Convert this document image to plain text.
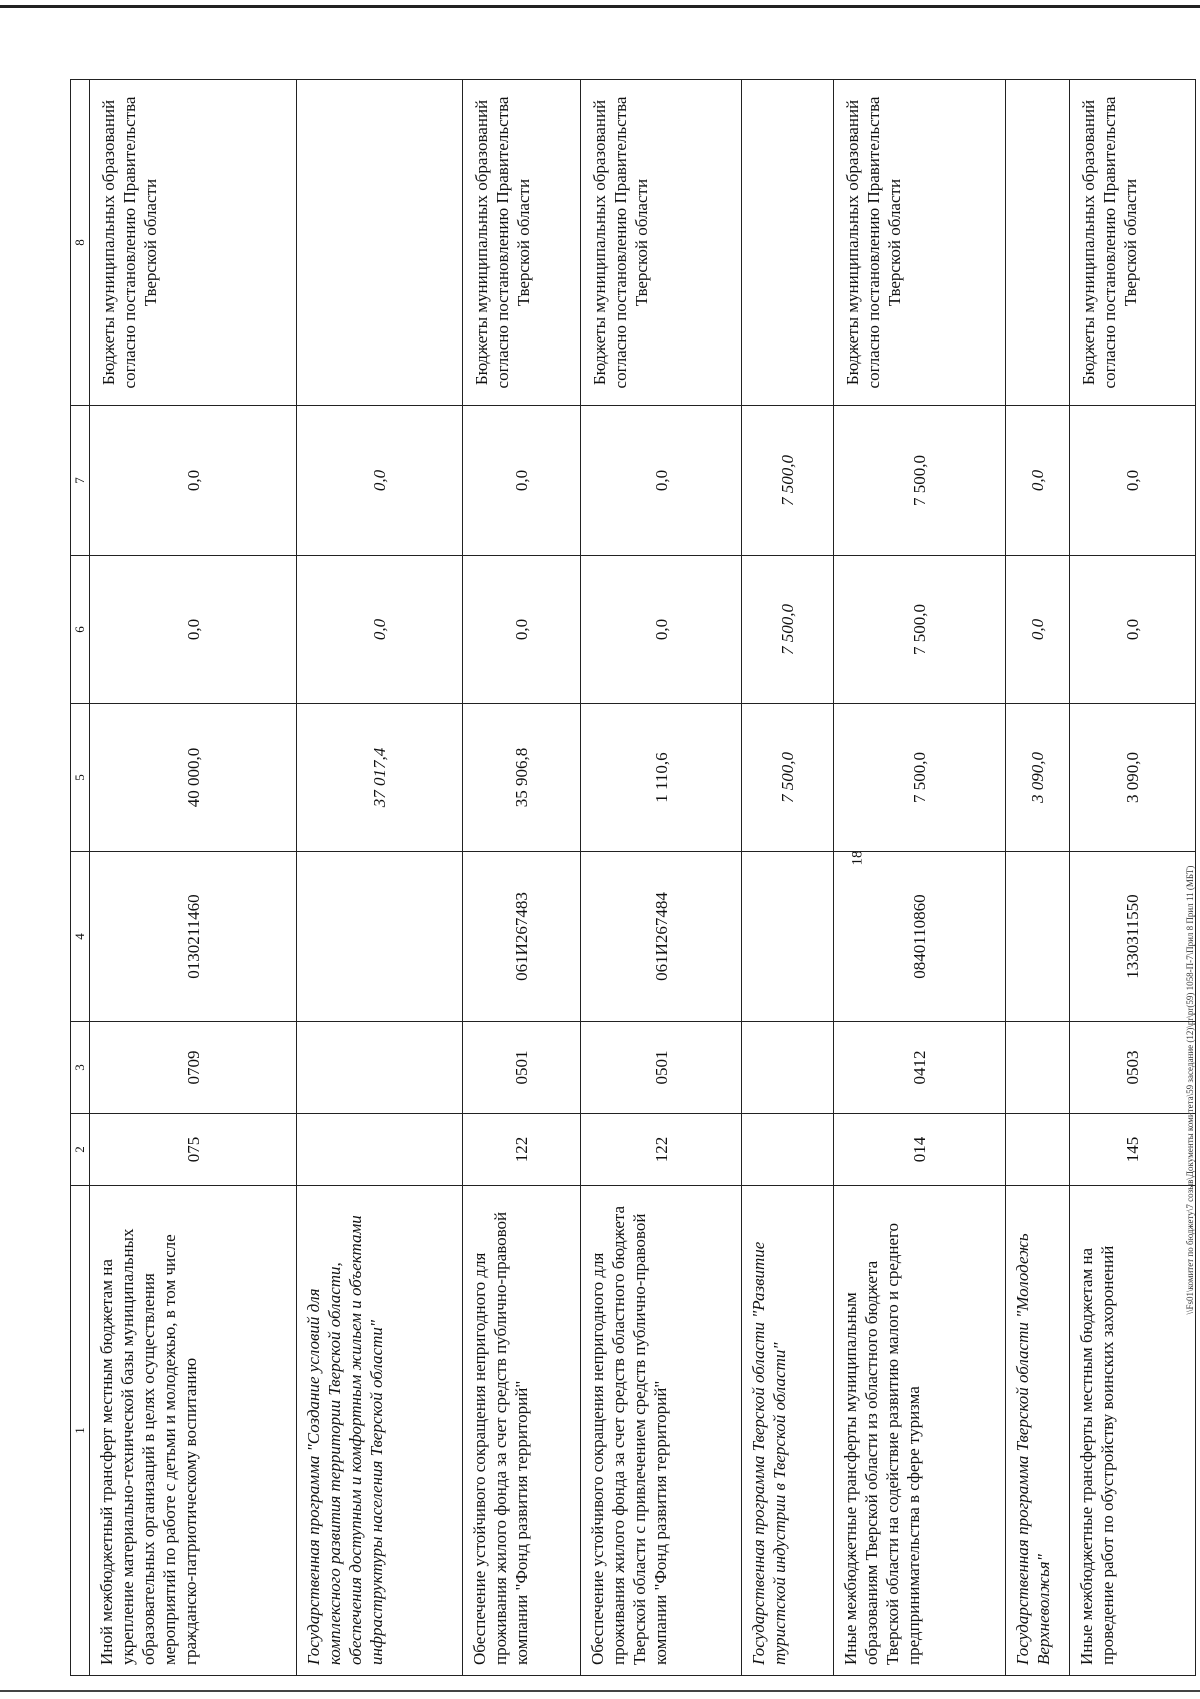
18
1	2	3	4	5	6	7	8
Иной межбюджетный трансферт местным бюджетам на укрепление материально-технической базы муниципальных образовательных организаций в целях осуществления мероприятий по работе с детьми и молодежью, в том числе гражданско-патриотическому воспитанию	075	0709	0130211460	40 000,0	0,0	0,0	Бюджеты муниципальных образований согласно постановлению Правительства Тверской области
Государственная программа "Создание условий для комплексного развития территории Тверской области, обеспечения доступным и комфортным жильем и объектами инфраструктуры населения Тверской области"				37 017,4	0,0	0,0	
Обеспечение устойчивого сокращения непригодного для проживания жилого фонда за счет средств публично-правовой компании "Фонд развития территорий"	122	0501	061И267483	35 906,8	0,0	0,0	Бюджеты муниципальных образований согласно постановлению Правительства Тверской области
Обеспечение устойчивого сокращения непригодного для проживания жилого фонда за счет средств областного бюджета Тверской области с привлечением средств публично-правовой компании "Фонд развития территорий"	122	0501	061И267484	1 110,6	0,0	0,0	Бюджеты муниципальных образований согласно постановлению Правительства Тверской области
Государственная программа Тверской области "Развитие туристской индустрии в Тверской области"				7 500,0	7 500,0	7 500,0	
Иные межбюджетные трансферты муниципальным образованиям Тверской области из областного бюджета Тверской области на содействие развитию малого и среднего предпринимательства в сфере туризма	014	0412	0840110860	7 500,0	7 500,0	7 500,0	Бюджеты муниципальных образований согласно постановлению Правительства Тверской области
Государственная программа Тверской области "Молодежь Верхневолжья"				3 090,0	0,0	0,0	
Иные межбюджетные трансферты местным бюджетам на проведение работ по обустройству воинских захоронений	145	0503	1330311550	3 090,0	0,0	0,0	Бюджеты муниципальных образований согласно постановлению Правительства Тверской области
\\Fs01\комитет по бюджету\7 созыв\Документы комитета\59 заседание (12)\pr\pr(59) 1058-П-7\Прил 8 Прил 11 (МБТ)
